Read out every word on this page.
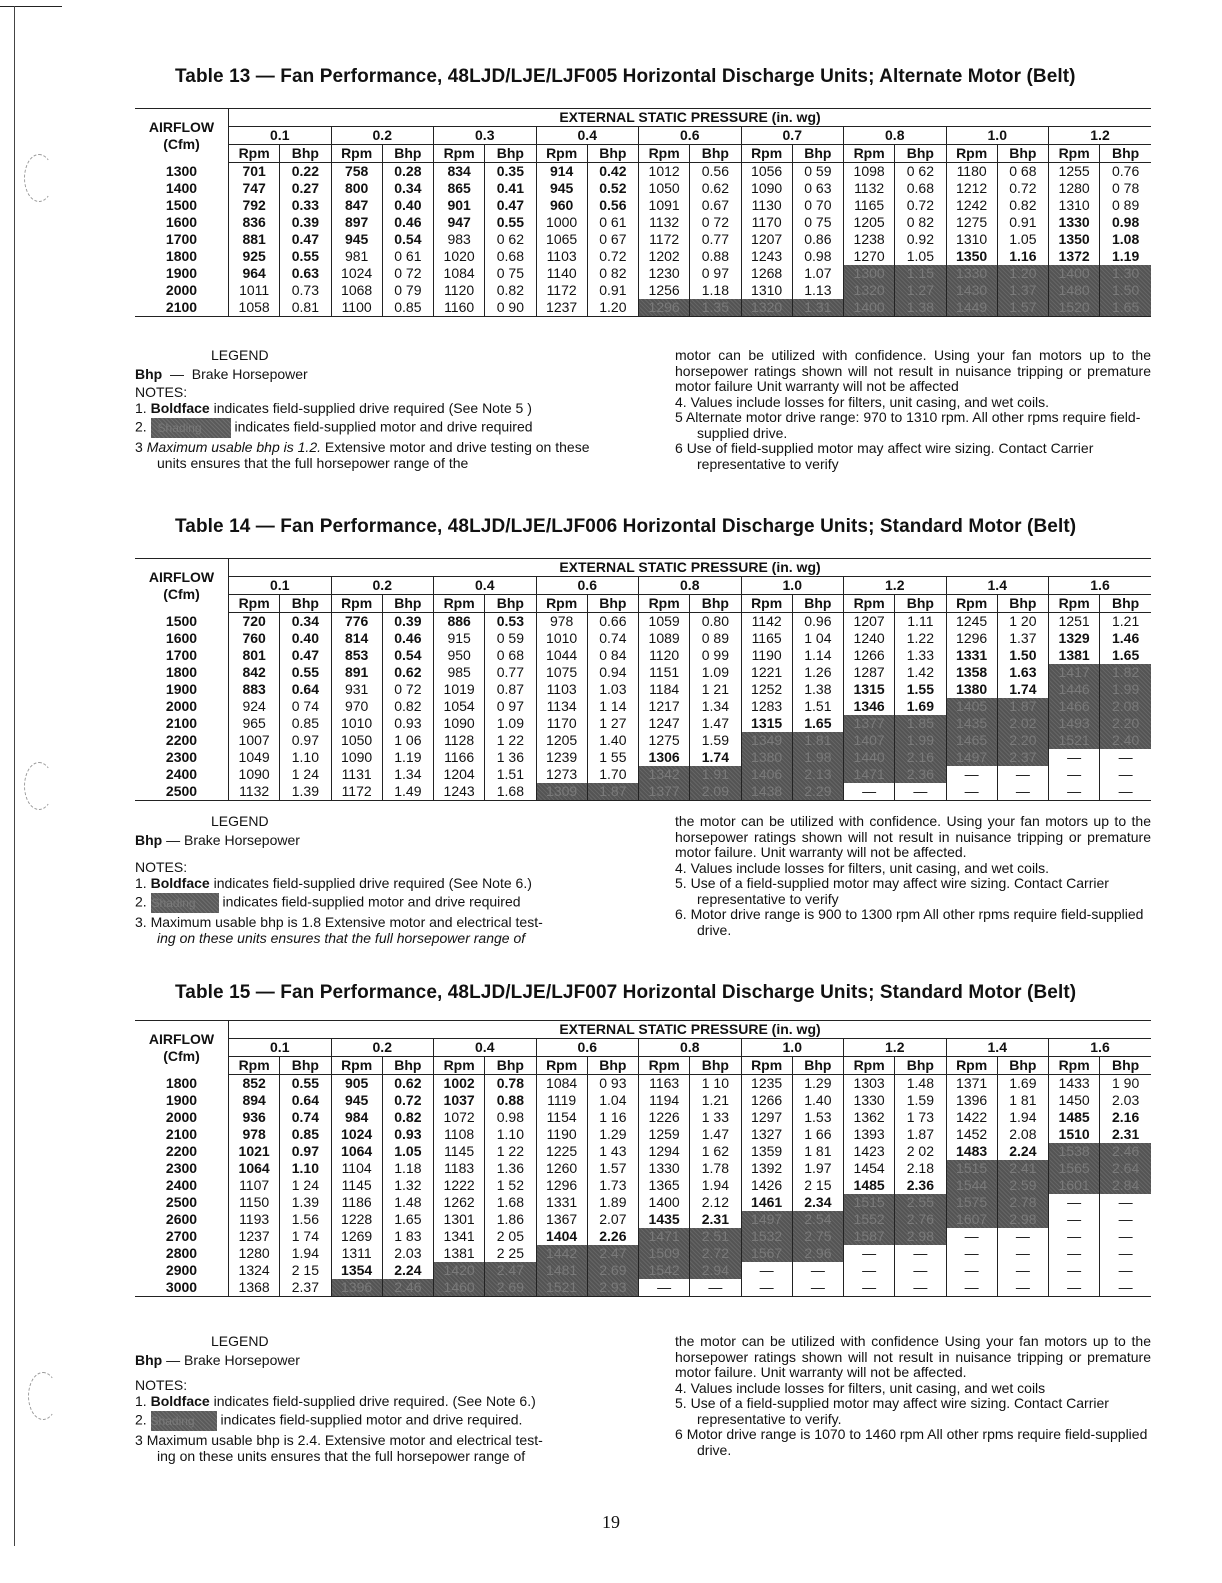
Table 13 — Fan Performance, 48LJD/LJE/LJF005 Horizontal Discharge Units; Alternate Motor (Belt)
AIRFLOW
(Cfm)	EXTERNAL STATIC PRESSURE (in. wg)																	
	0.1		0.2		0.3		0.4		0.6		0.7		0.8		1.0		1.2	
	Rpm	Bhp	Rpm	Bhp	Rpm	Bhp	Rpm	Bhp	Rpm	Bhp	Rpm	Bhp	Rpm	Bhp	Rpm	Bhp	Rpm	Bhp
1300	701	0.22	758	0.28	834	0.35	914	0.42	1012	0.56	1056	0 59	1098	0 62	1180	0 68	1255	0.76
1400	747	0.27	800	0.34	865	0.41	945	0.52	1050	0.62	1090	0 63	1132	0.68	1212	0.72	1280	0 78
1500	792	0.33	847	0.40	901	0.47	960	0.56	1091	0.67	1130	0 70	1165	0.72	1242	0.82	1310	0 89
1600	836	0.39	897	0.46	947	0.55	1000	0 61	1132	0 72	1170	0 75	1205	0 82	1275	0.91	1330	0.98
1700	881	0.47	945	0.54	983	0 62	1065	0 67	1172	0.77	1207	0.86	1238	0.92	1310	1.05	1350	1.08
1800	925	0.55	981	0 61	1020	0.68	1103	0.72	1202	0.88	1243	0.98	1270	1.05	1350	1.16	1372	1.19
1900	964	0.63	1024	0 72	1084	0 75	1140	0 82	1230	0 97	1268	1.07	1300	1.15	1330	1.20	1400	1.30
2000	1011	0.73	1068	0 79	1120	0.82	1172	0.91	1256	1.18	1310	1.13	1320	1.27	1430	1.37	1480	1.50
2100	1058	0.81	1100	0.85	1160	0 90	1237	1.20	1296	1.35	1320	1.31	1400	1.38	1449	1.57	1520	1.65

LEGEND

Bhp  —  Brake Horsepower

NOTES:

1. Boldface indicates field-supplied drive required (See Note 5 )

2. Shading indicates field-supplied motor and drive required

3 Maximum usable bhp is 1.2. Extensive motor and drive testing on these units ensures that the full horsepower range of the

motor can be utilized with confidence. Using your fan motors up to the horsepower ratings shown will not result in nuisance tripping or premature motor failure Unit warranty will not be affected

4. Values include losses for filters, unit casing, and wet coils.

5 Alternate motor drive range: 970 to 1310 rpm. All other rpms require field-supplied drive.

6 Use of field-supplied motor may affect wire sizing. Contact Carrier representative to verify

Table 14 — Fan Performance, 48LJD/LJE/LJF006 Horizontal Discharge Units; Standard Motor (Belt)
AIRFLOW
(Cfm)	EXTERNAL STATIC PRESSURE (in. wg)																	
	0.1		0.2		0.4		0.6		0.8		1.0		1.2		1.4		1.6	
	Rpm	Bhp	Rpm	Bhp	Rpm	Bhp	Rpm	Bhp	Rpm	Bhp	Rpm	Bhp	Rpm	Bhp	Rpm	Bhp	Rpm	Bhp
1500	720	0.34	776	0.39	886	0.53	978	0.66	1059	0.80	1142	0.96	1207	1.11	1245	1 20	1251	1.21
1600	760	0.40	814	0.46	915	0 59	1010	0.74	1089	0 89	1165	1 04	1240	1.22	1296	1.37	1329	1.46
1700	801	0.47	853	0.54	950	0 68	1044	0 84	1120	0 99	1190	1.14	1266	1.33	1331	1.50	1381	1.65
1800	842	0.55	891	0.62	985	0.77	1075	0.94	1151	1.09	1221	1.26	1287	1.42	1358	1.63	1417	1.82
1900	883	0.64	931	0 72	1019	0.87	1103	1.03	1184	1 21	1252	1.38	1315	1.55	1380	1.74	1446	1.99
2000	924	0 74	970	0.82	1054	0 97	1134	1 14	1217	1.34	1283	1.51	1346	1.69	1405	1.87	1466	2.08
2100	965	0.85	1010	0.93	1090	1.09	1170	1 27	1247	1.47	1315	1.65	1377	1.85	1435	2.02	1493	2.20
2200	1007	0.97	1050	1 06	1128	1 22	1205	1.40	1275	1.59	1349	1.81	1407	1.99	1465	2.20	1521	2.40
2300	1049	1.10	1090	1.19	1166	1 36	1239	1 55	1306	1.74	1380	1.98	1440	2.16	1497	2.37	—	—
2400	1090	1 24	1131	1.34	1204	1.51	1273	1.70	1342	1.91	1406	2.13	1471	2.36	—	—	—	—
2500	1132	1.39	1172	1.49	1243	1.68	1309	1.87	1377	2.09	1438	2.29	—	—	—	—	—	—

LEGEND

Bhp — Brake Horsepower

NOTES:

1. Boldface indicates field-supplied drive required (See Note 6.)

2. Shading indicates field-supplied motor and drive required

3. Maximum usable bhp is 1.8 Extensive motor and electrical test-
ing on these units ensures that the full horsepower range of

the motor can be utilized with confidence. Using your fan motors up to the horsepower ratings shown will not result in nuisance tripping or premature motor failure. Unit warranty will not be affected.

4. Values include losses for filters, unit casing, and wet coils.

5. Use of a field-supplied motor may affect wire sizing. Contact Carrier representative to verify

6. Motor drive range is 900 to 1300 rpm All other rpms require field-supplied drive.

Table 15 — Fan Performance, 48LJD/LJE/LJF007 Horizontal Discharge Units; Standard Motor (Belt)
AIRFLOW
(Cfm)	EXTERNAL STATIC PRESSURE (in. wg)																	
	0.1		0.2		0.4		0.6		0.8		1.0		1.2		1.4		1.6	
	Rpm	Bhp	Rpm	Bhp	Rpm	Bhp	Rpm	Bhp	Rpm	Bhp	Rpm	Bhp	Rpm	Bhp	Rpm	Bhp	Rpm	Bhp
1800	852	0.55	905	0.62	1002	0.78	1084	0 93	1163	1 10	1235	1.29	1303	1.48	1371	1.69	1433	1 90
1900	894	0.64	945	0.72	1037	0.88	1119	1.04	1194	1.21	1266	1.40	1330	1.59	1396	1 81	1450	2.03
2000	936	0.74	984	0.82	1072	0.98	1154	1 16	1226	1 33	1297	1.53	1362	1 73	1422	1.94	1485	2.16
2100	978	0.85	1024	0.93	1108	1.10	1190	1.29	1259	1.47	1327	1 66	1393	1.87	1452	2.08	1510	2.31
2200	1021	0.97	1064	1.05	1145	1 22	1225	1 43	1294	1 62	1359	1 81	1423	2 02	1483	2.24	1538	2.46
2300	1064	1.10	1104	1.18	1183	1.36	1260	1.57	1330	1.78	1392	1.97	1454	2.18	1515	2.41	1565	2.64
2400	1107	1 24	1145	1.32	1222	1 52	1296	1.73	1365	1.94	1426	2 15	1485	2.36	1544	2.59	1601	2.84
2500	1150	1.39	1186	1.48	1262	1.68	1331	1.89	1400	2.12	1461	2.34	1515	2.55	1575	2.78	—	—
2600	1193	1.56	1228	1.65	1301	1.86	1367	2.07	1435	2.31	1497	2.54	1552	2.76	1607	2.98	—	—
2700	1237	1 74	1269	1 83	1341	2 05	1404	2.26	1471	2.51	1532	2.75	1587	2.98	—	—	—	—
2800	1280	1.94	1311	2.03	1381	2 25	1442	2.47	1509	2.72	1567	2.96	—	—	—	—	—	—
2900	1324	2 15	1354	2.24	1420	2.47	1481	2.69	1542	2.94	—	—	—	—	—	—	—	—
3000	1368	2.37	1396	2.46	1460	2.69	1521	2.93	—	—	—	—	—	—	—	—	—	—

LEGEND

Bhp — Brake Horsepower

NOTES:

1. Boldface indicates field-supplied drive required. (See Note 6.)

2. Shading indicates field-supplied motor and drive required.

3 Maximum usable bhp is 2.4. Extensive motor and electrical test-
ing on these units ensures that the full horsepower range of

the motor can be utilized with confidence Using your fan motors up to the horsepower ratings shown will not result in nuisance tripping or premature motor failure. Unit warranty will not be affected.

4. Values include losses for filters, unit casing, and wet coils

5. Use of a field-supplied motor may affect wire sizing. Contact Carrier representative to verify.

6 Motor drive range is 1070 to 1460 rpm All other rpms require field-supplied drive.

19
